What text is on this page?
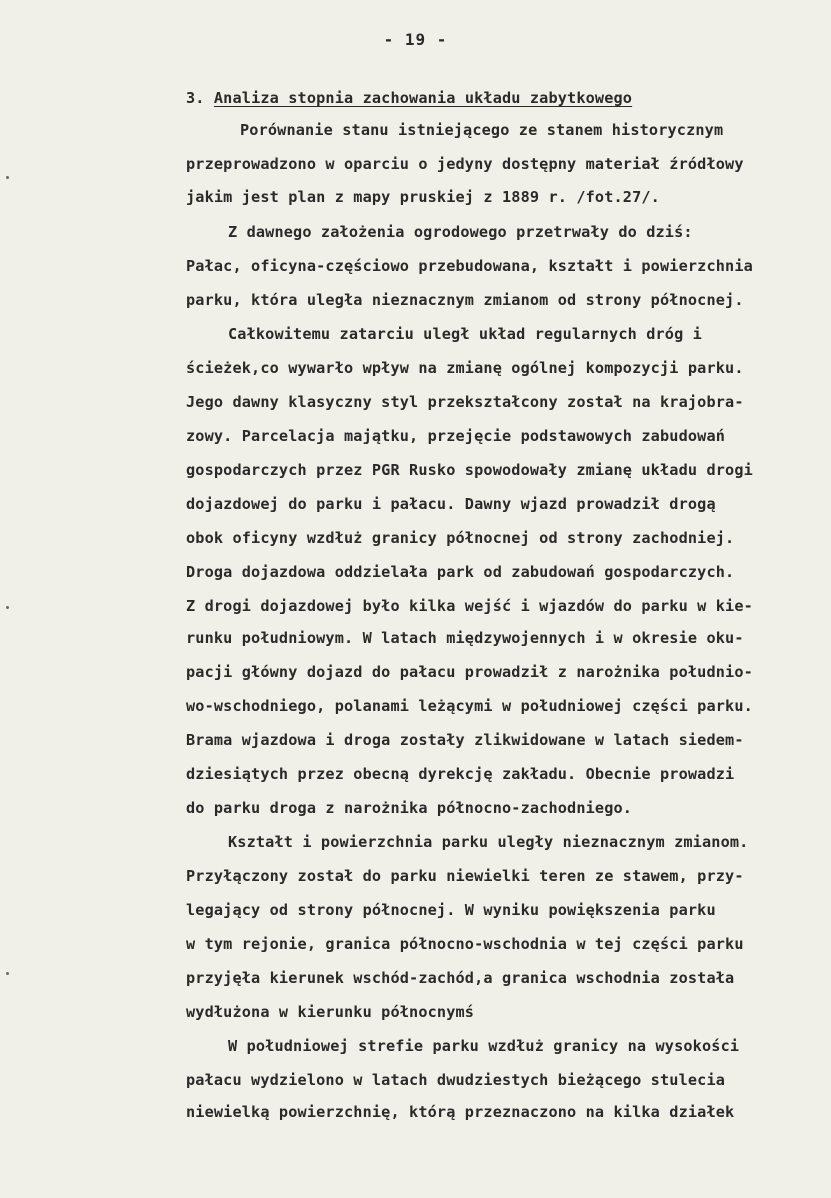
- 19 -
3. Analiza stopnia zachowania układu zabytkowego
Porównanie stanu istniejącego ze stanem historycznym
przeprowadzono w oparciu o jedyny dostępny materiał źródłowy
jakim jest plan z mapy pruskiej z 1889 r. /fot.27/.
Z dawnego założenia ogrodowego przetrwały do dziś:
Pałac, oficyna-częściowo przebudowana, kształt i powierzchnia
parku, która uległa nieznacznym zmianom od strony północnej.
Całkowitemu zatarciu uległ układ regularnych dróg i
ścieżek,co wywarło wpływ na zmianę ogólnej kompozycji parku.
Jego dawny klasyczny styl przekształcony został na krajobra-
zowy. Parcelacja majątku, przejęcie podstawowych zabudowań
gospodarczych przez PGR Rusko spowodowały zmianę układu drogi
dojazdowej do parku i pałacu. Dawny wjazd prowadził drogą
obok oficyny wzdłuż granicy północnej od strony zachodniej.
Droga dojazdowa oddzielała park od zabudowań gospodarczych.
Z drogi dojazdowej było kilka wejść i wjazdów do parku w kie-
runku południowym. W latach międzywojennych i w okresie oku-
pacji główny dojazd do pałacu prowadził z narożnika południo-
wo-wschodniego, polanami leżącymi w południowej części parku.
Brama wjazdowa i droga zostały zlikwidowane w latach siedem-
dziesiątych przez obecną dyrekcję zakładu. Obecnie prowadzi
do parku droga z narożnika północno-zachodniego.
Kształt i powierzchnia parku uległy nieznacznym zmianom.
Przyłączony został do parku niewielki teren ze stawem, przy-
legający od strony północnej. W wyniku powiększenia parku
w tym rejonie, granica północno-wschodnia w tej części parku
przyjęła kierunek wschód-zachód,a granica wschodnia została
wydłużona w kierunku północnymś
W południowej strefie parku wzdłuż granicy na wysokości
pałacu wydzielono w latach dwudziestych bieżącego stulecia
niewielką powierzchnię, którą przeznaczono na kilka działek
